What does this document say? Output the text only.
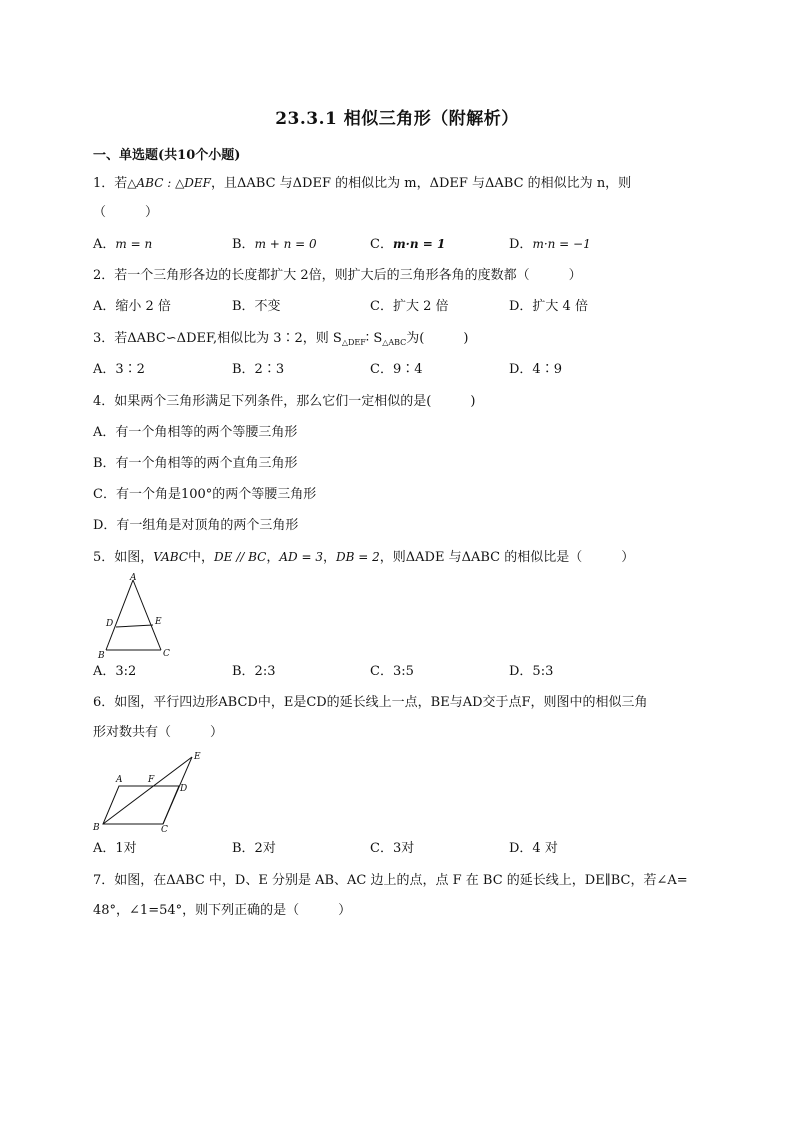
23.3.1 相似三角形（附解析）
一、单选题(共10个小题)
1．若△ABC : △DEF，且ΔABC 与ΔDEF 的相似比为 m，ΔDEF 与ΔABC 的相似比为 n，则
（　　　）
A．m = n	B．m + n = 0	C．m·n = 1	D．m·n = −1
2．若一个三角形各边的长度都扩大 2倍，则扩大后的三角形各角的度数都（　　　）
A．缩小 2 倍	B．不变	C．扩大 2 倍	D．扩大 4 倍
3．若ΔABC∽ΔDEF,相似比为 3∶2，则 $S_{\triangle DEF}∶$ $S_{\triangle ABC}$为(　　　)
A．3∶2	B．2∶3	C．9∶4	D．4∶9
4．如果两个三角形满足下列条件，那么它们一定相似的是(　　　)
A．有一个角相等的两个等腰三角形
B．有一个角相等的两个直角三角形
C．有一个角是100°的两个等腰三角形
D．有一组角是对顶角的两个三角形
5．如图，VABC中，DE // BC，AD = 3，DB = 2，则ΔADE 与ΔABC 的相似比是（　　　）
A
D	E
B	C
A．3:2	B．2:3	C．3:5	D．5:3
6．如图，平行四边形ABCD中，E是CD的延长线上一点，BE与AD交于点F，则图中的相似三角
形对数共有（　　　）
E
A	F
D
B	C
A．1对	B．2对	C．3对	D．4 对
7．如图，在ΔABC 中，D、E 分别是 AB、AC 边上的点，点 F 在 BC 的延长线上，DE∥BC，若∠A=
48°，∠1=54°，则下列正确的是（　　　）
